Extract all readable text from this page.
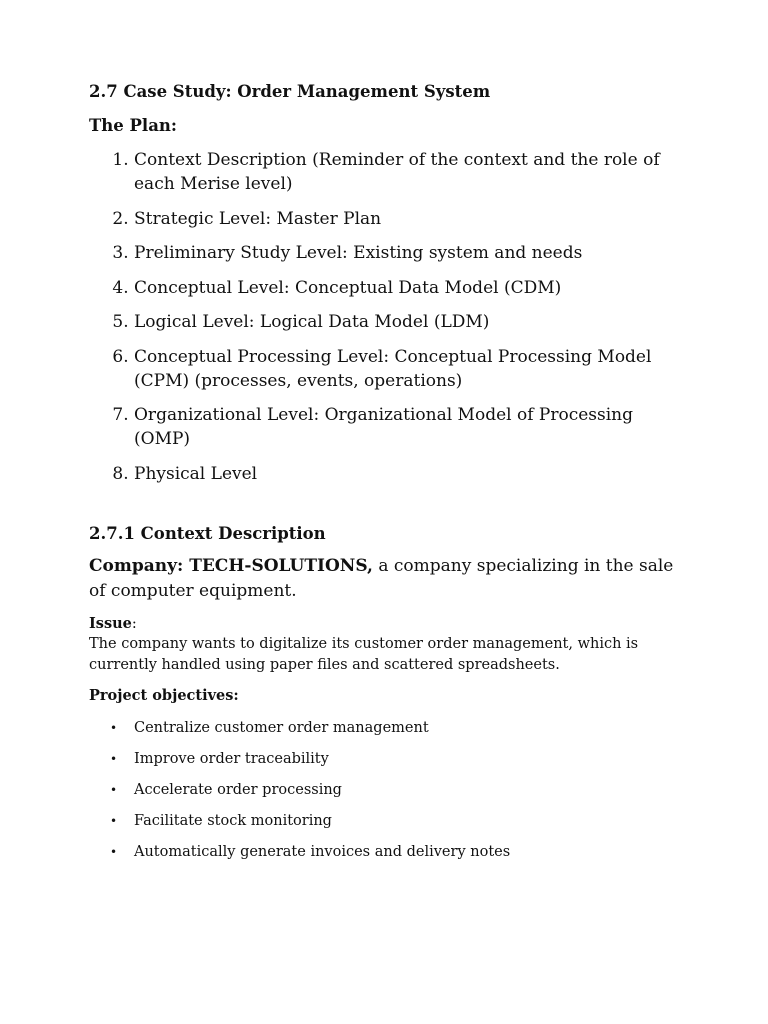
2.7 Case Study: Order Management System

The Plan:

1. Context Description (Reminder of the context and the role of each Merise level)
2. Strategic Level: Master Plan
3. Preliminary Study Level: Existing system and needs
4. Conceptual Level: Conceptual Data Model (CDM)
5. Logical Level: Logical Data Model (LDM)
6. Conceptual Processing Level: Conceptual Processing Model (CPM) (processes, events, operations)
7. Organizational Level: Organizational Model of Processing (OMP)
8. Physical Level

2.7.1 Context Description

Company: TECH-SOLUTIONS, a company specializing in the sale of computer equipment.

Issue:

The company wants to digitalize its customer order management, which is currently handled using paper files and scattered spreadsheets.

Project objectives:

• Centralize customer order management
• Improve order traceability
• Accelerate order processing
• Facilitate stock monitoring
• Automatically generate invoices and delivery notes
